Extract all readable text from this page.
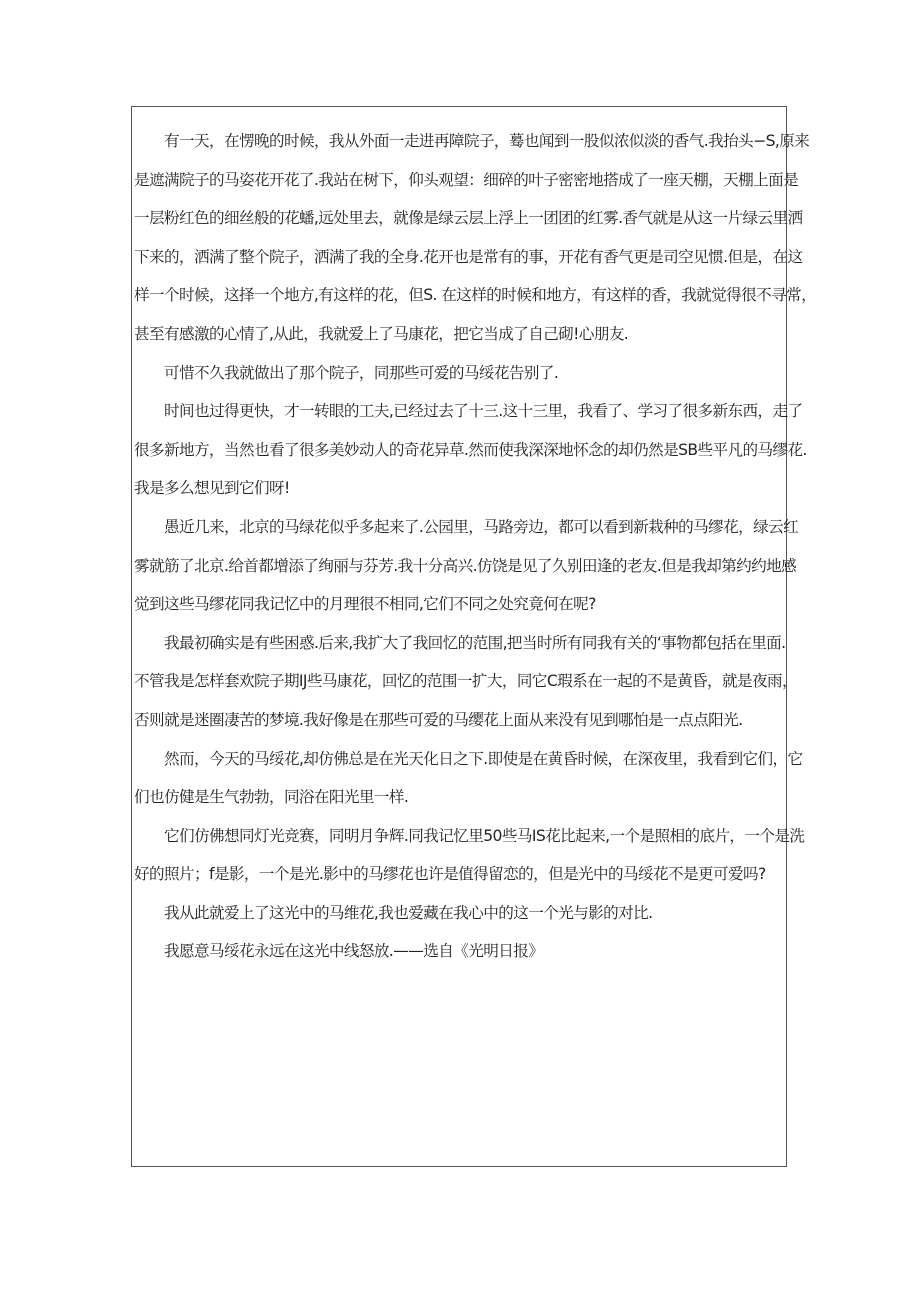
有一天，在愣晚的时候，我从外面一走进再障院子，蓦也闻到一股似浓似淡的香气.我抬头−S,原来

是遮满院子的马姿花开花了.我站在树下，仰头观望：细碎的叶子密密地搭成了一座天棚，天棚上面是

一层粉红色的细丝般的花蟠,远处里去，就像是绿云层上浮上一团团的红雾.香气就是从这一片绿云里洒

下来的，洒满了整个院子，洒满了我的全身.花开也是常有的事，开花有香气更是司空见惯.但是，在这

样一个时候，这择一个地方,有这样的花，但S. 在这样的时候和地方，有这样的香，我就觉得很不寻常，

甚至有感激的心情了,从此，我就爱上了马康花，把它当成了自己砌!心朋友.

可惜不久我就做出了那个院子，同那些可爱的马绥花告别了.

时间也过得更快，才一转眼的工夫,已经过去了十三.这十三里，我看了、学习了很多新东西，走了

很多新地方，当然也看了很多美妙动人的奇花异草.然而使我深深地怀念的却仍然是SB些平凡的马缪花.

我是多么想见到它们呀!

愚近几来，北京的马绿花似乎多起来了.公园里，马路旁边，都可以看到新栽种的马缪花，绿云红

雾就筋了北京.给首都增添了绚丽与芬芳.我十分高兴.仿饶是见了久别田逢的老友.但是我却第约约地感

觉到这些马缪花同我记忆中的月理很不相同,它们不同之处究竟何在呢?

我最初确实是有些困惑.后来,我扩大了我回忆的范围,把当时所有同我有关的‘事物都包括在里面.

不管我是怎样套欢院子期IJ些马康花，回忆的范围一扩大，同它C瑕系在一起的不是黄昏，就是夜雨，

否则就是迷圈凄苦的梦境.我好像是在那些可爱的马缨花上面从来没有见到哪怕是一点点阳光.

然而，今天的马绥花,却仿佛总是在光天化日之下.即使是在黄昏时候，在深夜里，我看到它们，它

们也仿健是生气勃勃，同浴在阳光里一样.

它们仿佛想同灯光竞赛，同明月争辉.同我记忆里50些马IS花比起来,一个是照相的底片，一个是洗

好的照片；f是影，一个是光.影中的马缪花也许是值得留恋的，但是光中的马绥花不是更可爱吗?

我从此就爱上了这光中的马维花,我也爱藏在我心中的这一个光与影的对比.

我愿意马绥花永远在这光中线怒放.——选自《光明日报》
